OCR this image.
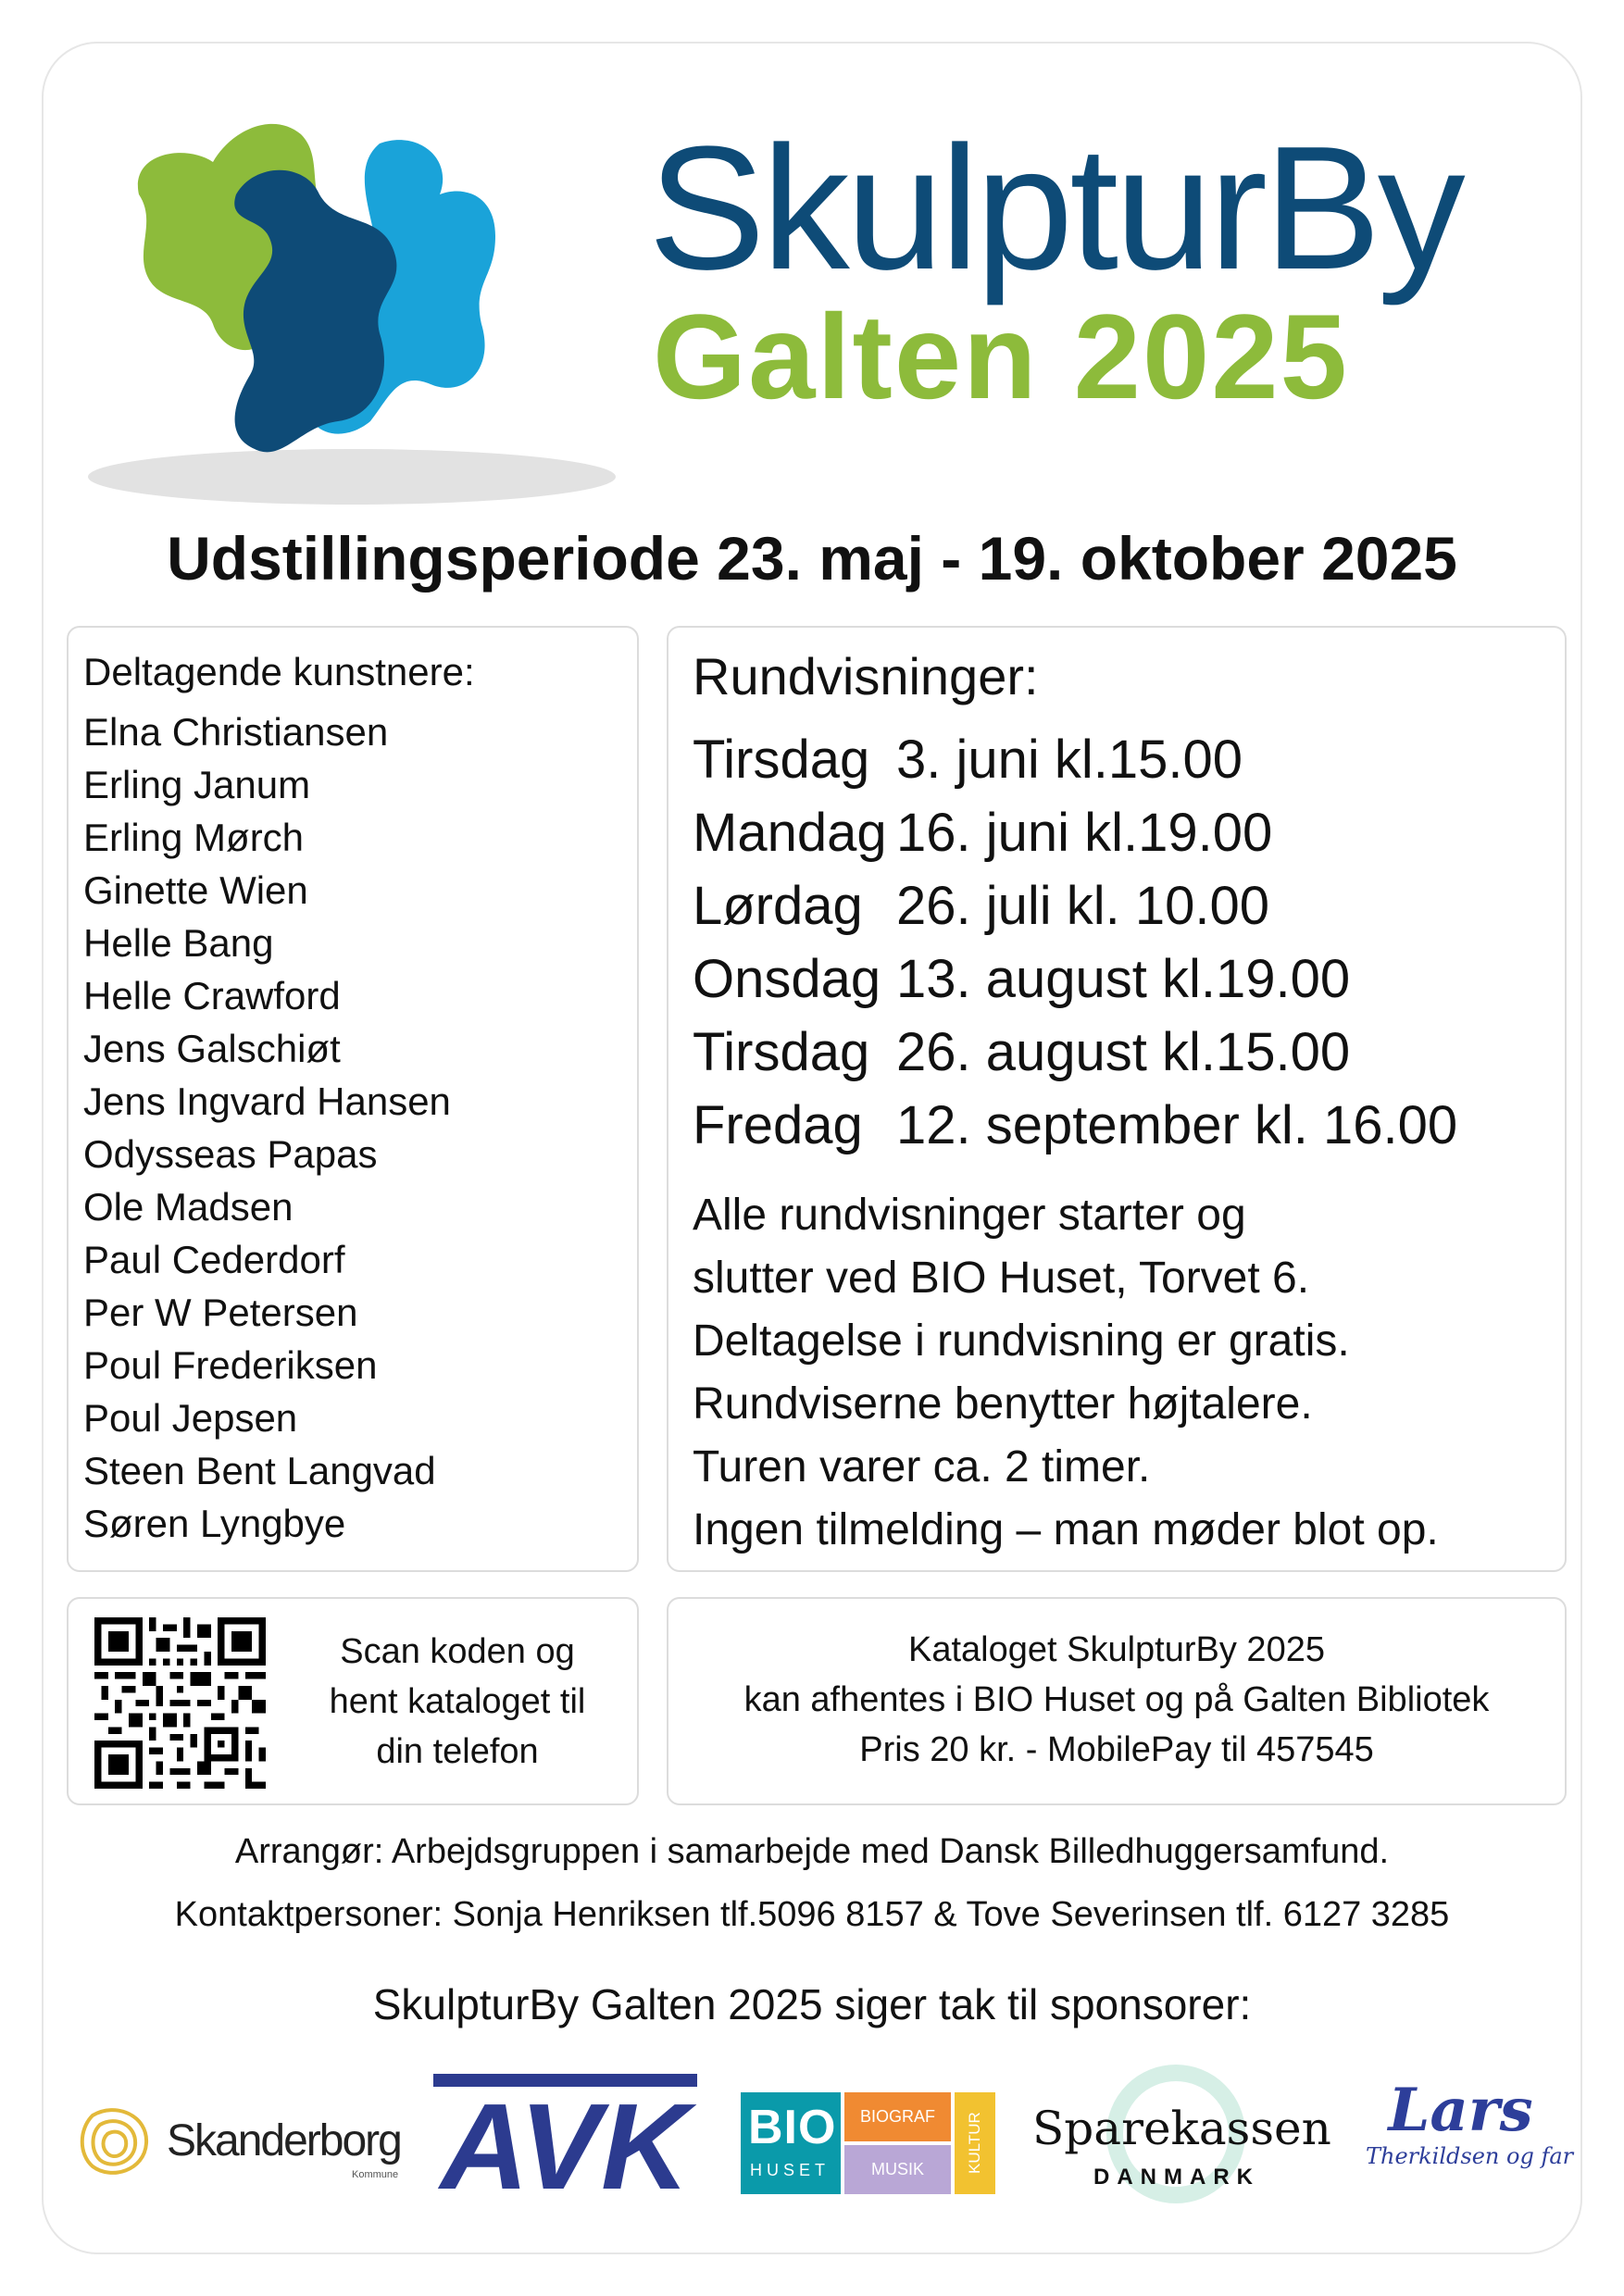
SkulpturBy
Galten 2025
Udstillingsperiode 23. maj - 19. oktober 2025
Deltagende kunstnere:
Elna Christiansen
Erling Janum
Erling Mørch
Ginette Wien
Helle Bang
Helle Crawford
Jens Galschiøt
Jens Ingvard Hansen
Odysseas Papas
Ole Madsen
Paul Cederdorf
Per W Petersen
Poul Frederiksen
Poul Jepsen
Steen Bent Langvad
Søren Lyngbye
Rundvisninger:
Tirsdag 3. juni kl.15.00
Mandag 16. juni kl.19.00
Lørdag 26. juli kl. 10.00
Onsdag 13. august kl.19.00
Tirsdag 26. august kl.15.00
Fredag 12. september kl. 16.00
Alle rundvisninger starter og
slutter ved BIO Huset, Torvet 6.
Deltagelse i rundvisning er gratis.
Rundviserne benytter højtalere.
Turen varer ca. 2 timer.
Ingen tilmelding – man møder blot op.
Scan koden og
hent kataloget til
din telefon
Kataloget SkulpturBy 2025
kan afhentes i BIO Huset og på Galten Bibliotek
Pris 20 kr. - MobilePay til 457545
Arrangør: Arbejdsgruppen i samarbejde med Dansk Billedhuggersamfund.
Kontaktpersoner: Sonja Henriksen tlf.5096 8157 & Tove Severinsen tlf. 6127 3285
SkulpturBy Galten 2025 siger tak til sponsorer:
Skanderborg
Kommune AVK BIO
HUSET
BIOGRAF
MUSIK	KULTUR Sparekassen
DANMARK
Lars
Therkildsen og far
